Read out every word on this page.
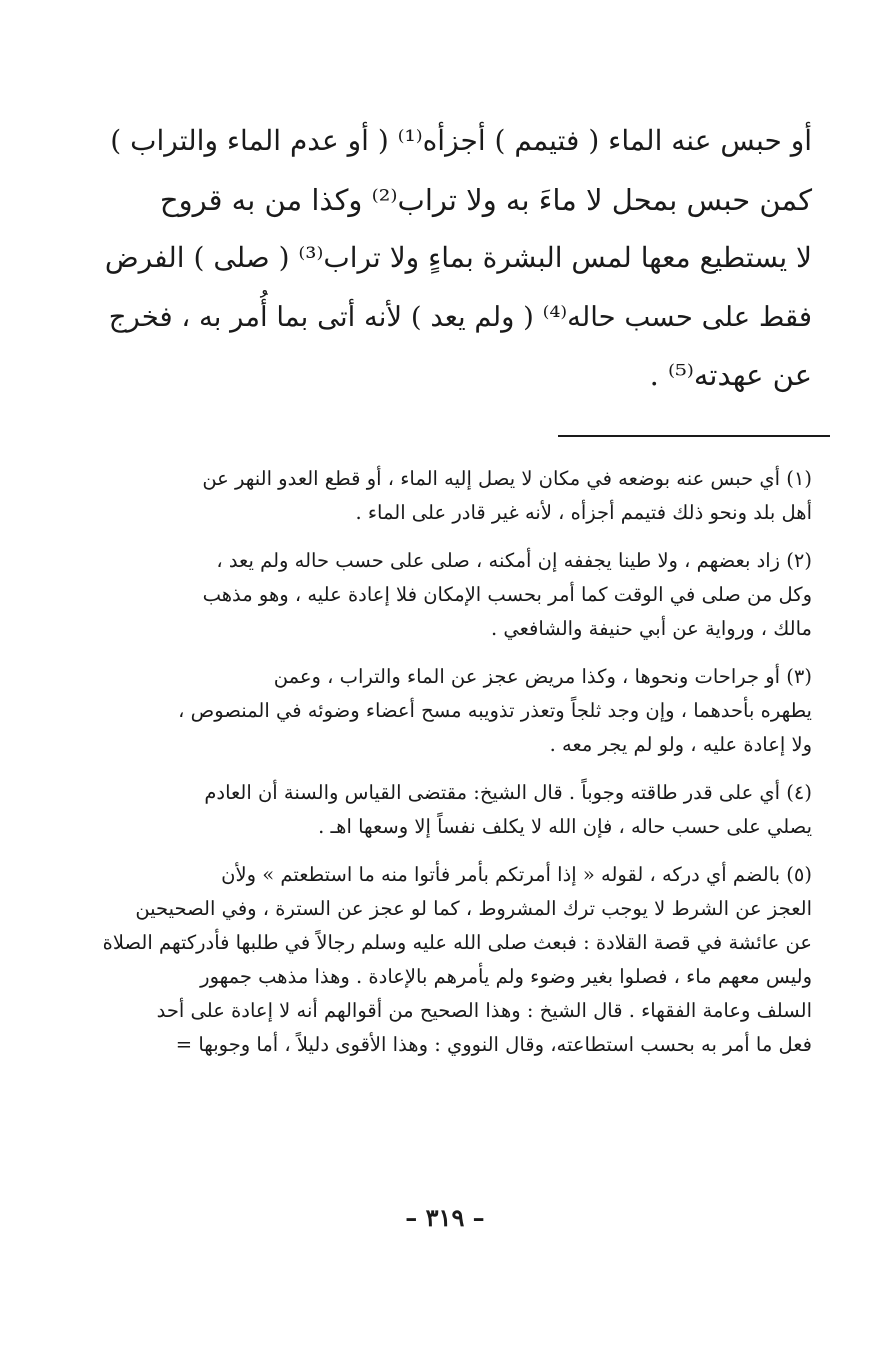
أو حبس عنه الماء ( فتيمم ) أجزأه⁽¹⁾ ( أو عدم الماء والتراب )
كمن حبس بمحل لا ماءَ به ولا تراب⁽²⁾ وكذا من به قروح
لا يستطيع معها لمس البشرة بماءٍ ولا تراب⁽³⁾ ( صلى ) الفرض
فقط على حسب حاله⁽⁴⁾ ( ولم يعد ) لأنه أتى بما أُمر به ، فخرج
عن عهدته⁽⁵⁾ .
(١) أي حبس عنه بوضعه في مكان لا يصل إليه الماء ، أو قطع العدو النهر عن
أهل بلد ونحو ذلك فتيمم أجزأه ، لأنه غير قادر على الماء .
(٢) زاد بعضهم ، ولا طينا يجففه إن أمكنه ، صلى على حسب حاله ولم يعد ،
وكل من صلى في الوقت كما أمر بحسب الإمكان فلا إعادة عليه ، وهو مذهب
مالك ، ورواية عن أبي حنيفة والشافعي .
(٣) أو جراحات ونحوها ، وكذا مريض عجز عن الماء والتراب ، وعمن
يطهره بأحدهما ، وإن وجد ثلجاً وتعذر تذويبه مسح أعضاء وضوئه في المنصوص ،
ولا إعادة عليه ، ولو لم يجر معه .
(٤) أي على قدر طاقته وجوباً . قال الشيخ: مقتضى القياس والسنة أن العادم
يصلي على حسب حاله ، فإن الله لا يكلف نفساً إلا وسعها اهـ .
(٥) بالضم أي دركه ، لقوله « إذا أمرتكم بأمر فأتوا منه ما استطعتم » ولأن
العجز عن الشرط لا يوجب ترك المشروط ، كما لو عجز عن السترة ، وفي الصحيحين
عن عائشة في قصة القلادة : فبعث صلى الله عليه وسلم رجالاً في طلبها فأدركتهم الصلاة
وليس معهم ماء ، فصلوا بغير وضوء ولم يأمرهم بالإعادة . وهذا مذهب جمهور
السلف وعامة الفقهاء . قال الشيخ : وهذا الصحيح من أقوالهم أنه لا إعادة على أحد
فعل ما أمر به بحسب استطاعته، وقال النووي : وهذا الأقوى دليلاً ، أما وجوبها =
– ٣١٩ –
